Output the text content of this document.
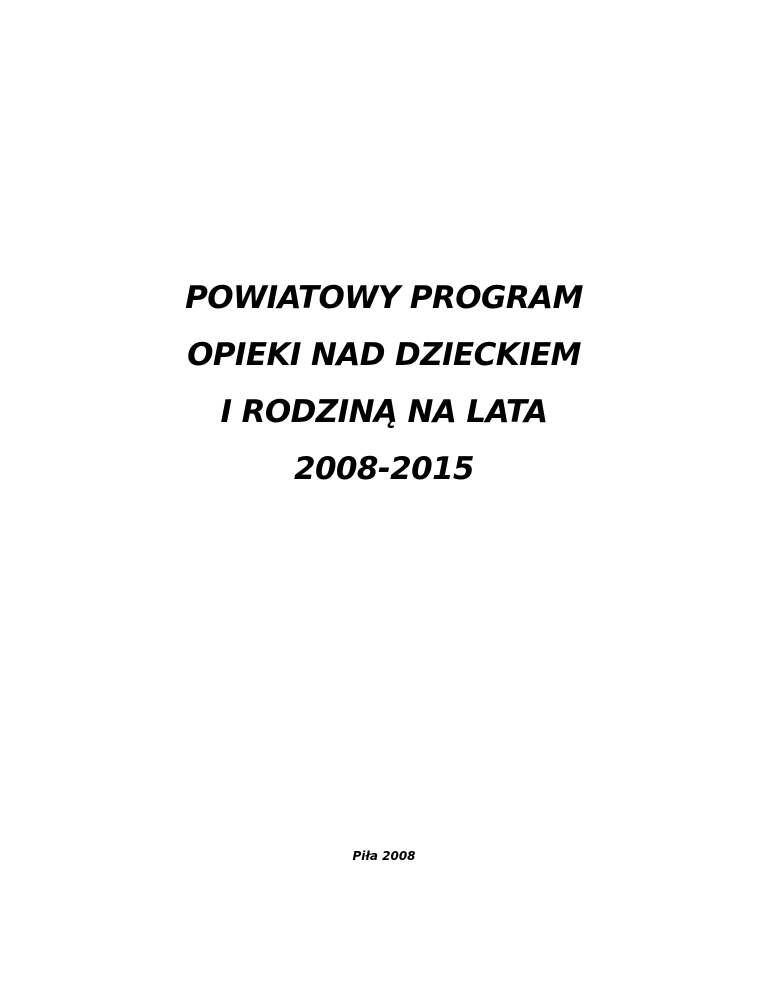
POWIATOWY PROGRAM
OPIEKI NAD DZIECKIEM
I RODZINĄ NA LATA
2008-2015
Piła 2008
